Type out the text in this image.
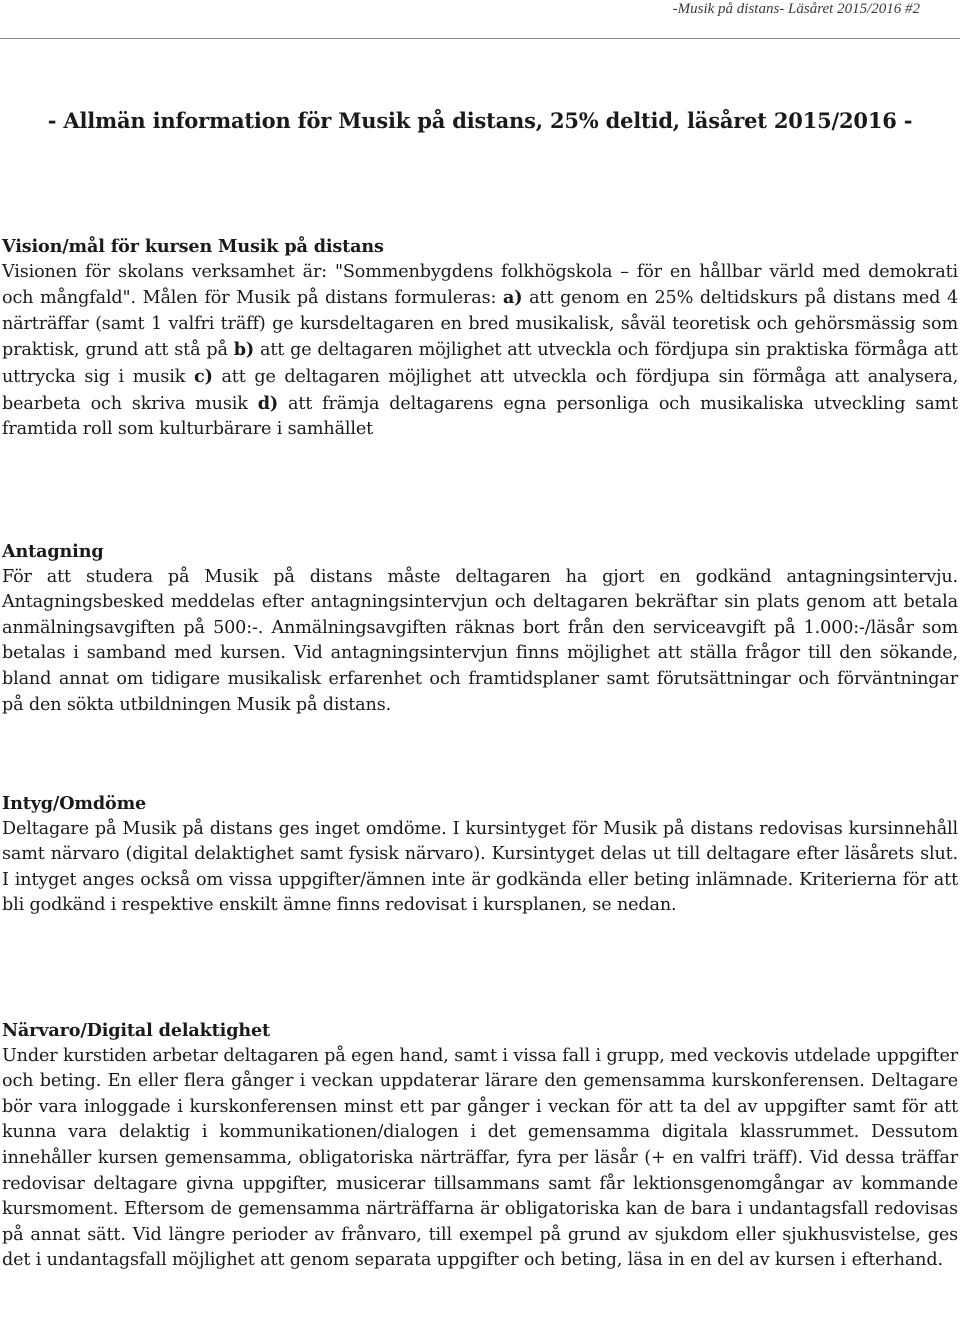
-Musik på distans- Läsåret 2015/2016 #2
- Allmän information för Musik på distans, 25% deltid, läsåret 2015/2016 -
Vision/mål för kursen Musik på distans

Visionen för skolans verksamhet är: "Sommenbygdens folkhögskola – för en hållbar värld med demokrati och mångfald". Målen för Musik på distans formuleras: a) att genom en 25% deltidskurs på distans med 4 närträffar (samt 1 valfri träff) ge kursdeltagaren en bred musikalisk, såväl teoretisk och gehörsmässig som praktisk, grund att stå på b) att ge deltagaren möjlighet att utveckla och fördjupa sin praktiska förmåga att uttrycka sig i musik c) att ge deltagaren möjlighet att utveckla och fördjupa sin förmåga att analysera, bearbeta och skriva musik d) att främja deltagarens egna personliga och musikaliska utveckling samt framtida roll som kulturbärare i samhället

Antagning

För att studera på Musik på distans måste deltagaren ha gjort en godkänd antagningsintervju. Antagningsbesked meddelas efter antagningsintervjun och deltagaren bekräftar sin plats genom att betala anmälningsavgiften på 500:-. Anmälningsavgiften räknas bort från den serviceavgift på 1.000:-/läsår som betalas i samband med kursen. Vid antagningsintervjun finns möjlighet att ställa frågor till den sökande, bland annat om tidigare musikalisk erfarenhet och framtidsplaner samt förutsättningar och förväntningar på den sökta utbildningen Musik på distans.

Intyg/Omdöme

Deltagare på Musik på distans ges inget omdöme. I kursintyget för Musik på distans redovisas kursinnehåll samt närvaro (digital delaktighet samt fysisk närvaro). Kursintyget delas ut till deltagare efter läsårets slut. I intyget anges också om vissa uppgifter/ämnen inte är godkända eller beting inlämnade. Kriterierna för att bli godkänd i respektive enskilt ämne finns redovisat i kursplanen, se nedan.

Närvaro/Digital delaktighet

Under kurstiden arbetar deltagaren på egen hand, samt i vissa fall i grupp, med veckovis utdelade uppgifter och beting. En eller flera gånger i veckan uppdaterar lärare den gemensamma kurskonferensen. Deltagare bör vara inloggade i kurskonferensen minst ett par gånger i veckan för att ta del av uppgifter samt för att kunna vara delaktig i kommunikationen/dialogen i det gemensamma digitala klassrummet. Dessutom innehåller kursen gemensamma, obligatoriska närträffar, fyra per läsår (+ en valfri träff). Vid dessa träffar redovisar deltagare givna uppgifter, musicerar tillsammans samt får lektionsgenomgångar av kommande kursmoment. Eftersom de gemensamma närträffarna är obligatoriska kan de bara i undantagsfall redovisas på annat sätt. Vid längre perioder av frånvaro, till exempel på grund av sjukdom eller sjukhusvistelse, ges det i undantagsfall möjlighet att genom separata uppgifter och beting, läsa in en del av kursen i efterhand.
